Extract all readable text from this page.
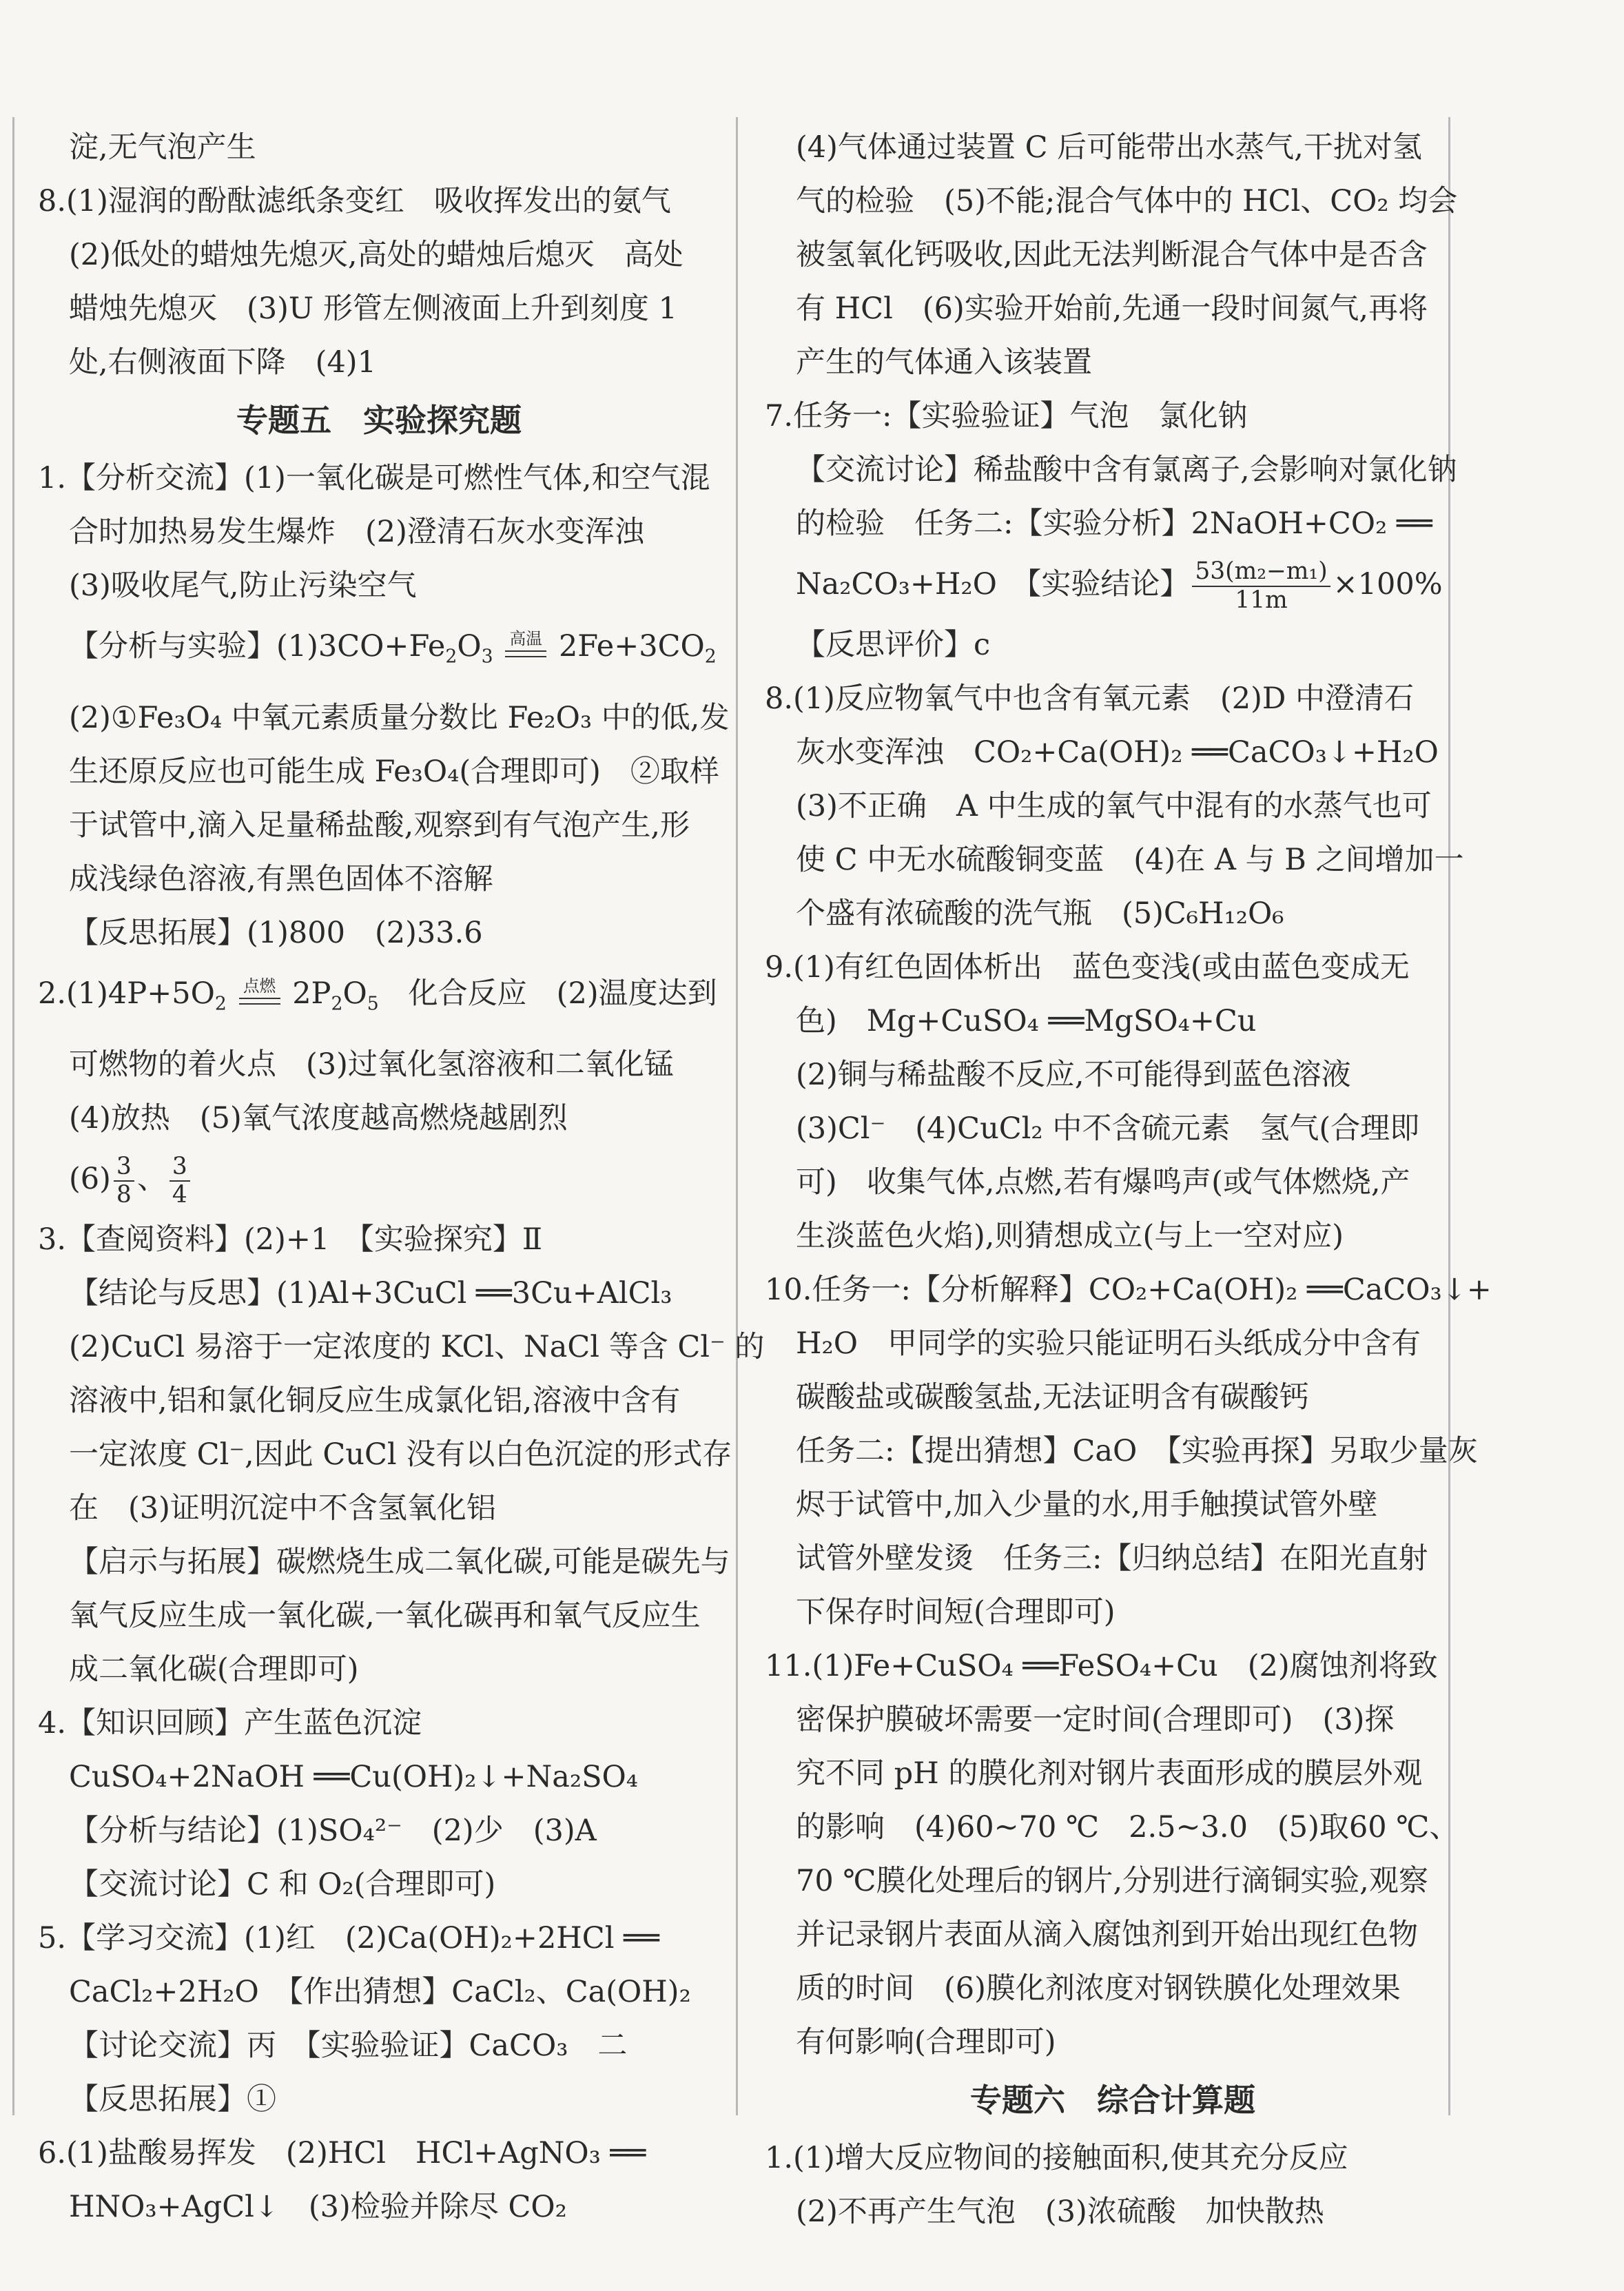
淀,无气泡产生
8.(1)湿润的酚酞滤纸条变红　吸收挥发出的氨气
(2)低处的蜡烛先熄灭,高处的蜡烛后熄灭　高处
蜡烛先熄灭　(3)U 形管左侧液面上升到刻度 1
处,右侧液面下降　(4)1
专题五　实验探究题
1.【分析交流】(1)一氧化碳是可燃性气体,和空气混
合时加热易发生爆炸　(2)澄清石灰水变浑浊
(3)吸收尾气,防止污染空气
【分析与实验】$(1)3CO+Fe_2O_3$
高温 $2Fe+3CO_2$
(2)①Fe₃O₄ 中氧元素质量分数比 Fe₂O₃ 中的低,发
生还原反应也可能生成 Fe₃O₄(合理即可)　②取样
于试管中,滴入足量稀盐酸,观察到有气泡产生,形
成浅绿色溶液,有黑色固体不溶解
【反思拓展】(1)800　(2)33.6
$2.(1)4P+5O_2$
点燃 $2P_2O_5$　化合反应　(2)温度达到
可燃物的着火点　(3)过氧化氢溶液和二氧化锰
(4)放热　(5)氧气浓度越高燃烧越剧烈
$(6) \frac{3}{8}$ 、 $\frac{3}{4}$
3.【查阅资料】(2)+1　【实验探究】Ⅱ
【结论与反思】(1)Al+3CuCl ══3Cu+AlCl₃
(2)CuCl 易溶于一定浓度的 KCl、NaCl 等含 Cl⁻ 的
溶液中,铝和氯化铜反应生成氯化铝,溶液中含有
一定浓度 Cl⁻,因此 CuCl 没有以白色沉淀的形式存
在　(3)证明沉淀中不含氢氧化铝
【启示与拓展】碳燃烧生成二氧化碳,可能是碳先与
氧气反应生成一氧化碳,一氧化碳再和氧气反应生
成二氧化碳(合理即可)
4.【知识回顾】产生蓝色沉淀
CuSO₄+2NaOH ══Cu(OH)₂↓+Na₂SO₄
【分析与结论】(1)SO₄²⁻　(2)少　(3)A
【交流讨论】C 和 O₂(合理即可)
5.【学习交流】(1)红　(2)Ca(OH)₂+2HCl ══
CaCl₂+2H₂O　【作出猜想】CaCl₂、Ca(OH)₂
【讨论交流】丙　【实验验证】CaCO₃　二
【反思拓展】①
6.(1)盐酸易挥发　(2)HCl　HCl+AgNO₃ ══
HNO₃+AgCl↓　(3)检验并除尽 CO₂
(4)气体通过装置 C 后可能带出水蒸气,干扰对氢
气的检验　(5)不能;混合气体中的 HCl、CO₂ 均会
被氢氧化钙吸收,因此无法判断混合气体中是否含
有 HCl　(6)实验开始前,先通一段时间氮气,再将
产生的气体通入该装置
7.任务一:【实验验证】气泡　氯化钠
【交流讨论】稀盐酸中含有氯离子,会影响对氯化钠
的检验　任务二:【实验分析】2NaOH+CO₂ ══
Na₂CO₃+H₂O　【实验结论】 $\frac{\text{53(m₂−m₁)}}{11m} \times 100\%$
【反思评价】c
8.(1)反应物氧气中也含有氧元素　(2)D 中澄清石
灰水变浑浊　CO₂+Ca(OH)₂ ══CaCO₃↓+H₂O
(3)不正确　A 中生成的氧气中混有的水蒸气也可
使 C 中无水硫酸铜变蓝　(4)在 A 与 B 之间增加一
个盛有浓硫酸的洗气瓶　(5)C₆H₁₂O₆
9.(1)有红色固体析出　蓝色变浅(或由蓝色变成无
色)　Mg+CuSO₄ ══MgSO₄+Cu
(2)铜与稀盐酸不反应,不可能得到蓝色溶液
(3)Cl⁻　(4)CuCl₂ 中不含硫元素　氢气(合理即
可)　收集气体,点燃,若有爆鸣声(或气体燃烧,产
生淡蓝色火焰),则猜想成立(与上一空对应)
10.任务一:【分析解释】CO₂+Ca(OH)₂ ══CaCO₃↓+
H₂O　甲同学的实验只能证明石头纸成分中含有
碳酸盐或碳酸氢盐,无法证明含有碳酸钙
任务二:【提出猜想】CaO　【实验再探】另取少量灰
烬于试管中,加入少量的水,用手触摸试管外壁
试管外壁发烫　任务三:【归纳总结】在阳光直射
下保存时间短(合理即可)
11.(1)Fe+CuSO₄ ══FeSO₄+Cu　(2)腐蚀剂将致
密保护膜破坏需要一定时间(合理即可)　(3)探
究不同 pH 的膜化剂对钢片表面形成的膜层外观
的影响　(4)60~70 ℃　2.5~3.0　(5)取60 ℃、
70 ℃膜化处理后的钢片,分别进行滴铜实验,观察
并记录钢片表面从滴入腐蚀剂到开始出现红色物
质的时间　(6)膜化剂浓度对钢铁膜化处理效果
有何影响(合理即可)
专题六　综合计算题
1.(1)增大反应物间的接触面积,使其充分反应
(2)不再产生气泡　(3)浓硫酸　加快散热
